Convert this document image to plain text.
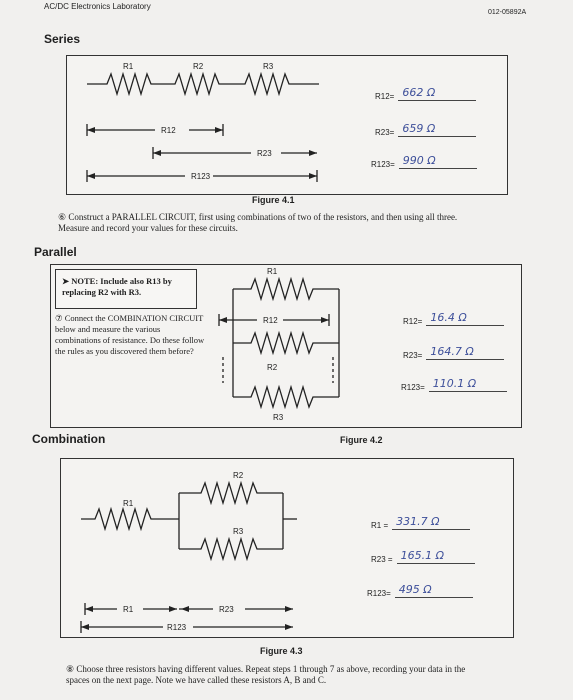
AC/DC Electronics Laboratory
012-05892A
Series
R1	R2	R3
R12
R23
R123
R12= 662 Ω
R23= 659 Ω
R123= 990 Ω
Figure 4.1
⑥ Construct a PARALLEL CIRCUIT, first using combinations of two of the resistors, and then using all three. Measure and record your values for these circuits.
Parallel
➤ NOTE: Include also R13 by replacing R2 with R3.
⑦ Connect the COMBINATION CIRCUIT below and measure the various combinations of resistance. Do these follow the rules as you discovered them before?
R1
R12
R2
R3
R12= 16.4 Ω
R23= 164.7 Ω
R123= 110.1 Ω
Figure 4.2
Combination
R1
R2
R3
R1	R23
R123
R1 = 331.7 Ω
R23 = 165.1 Ω
R123= 495 Ω
Figure 4.3
⑧ Choose three resistors having different values. Repeat steps 1 through 7 as above, recording your data in the spaces on the next page. Note we have called these resistors A, B and C.
